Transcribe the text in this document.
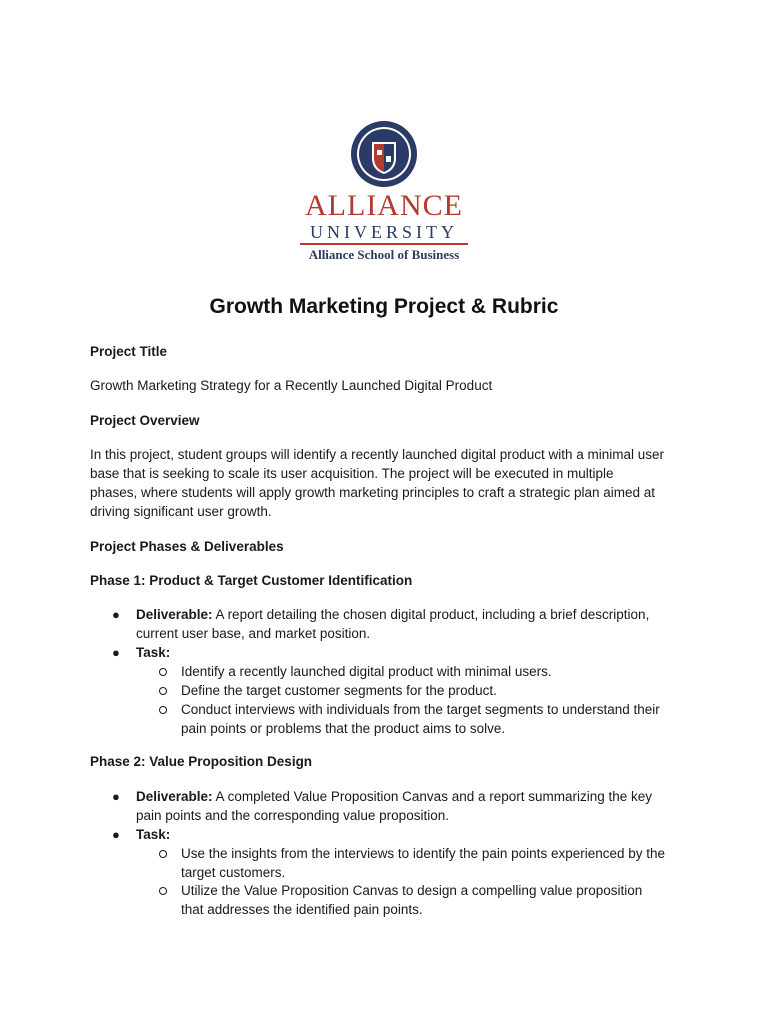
ALLIANCE
UNIVERSITY
Alliance School of Business
Growth Marketing Project & Rubric
Project Title
Growth Marketing Strategy for a Recently Launched Digital Product
Project Overview
In this project, student groups will identify a recently launched digital product with a minimal user
base that is seeking to scale its user acquisition. The project will be executed in multiple
phases, where students will apply growth marketing principles to craft a strategic plan aimed at
driving significant user growth.
Project Phases & Deliverables
Phase 1: Product & Target Customer Identification
● Deliverable: A report detailing the chosen digital product, including a brief description,
current user base, and market position.
● Task:
Identify a recently launched digital product with minimal users.
Define the target customer segments for the product.
Conduct interviews with individuals from the target segments to understand their
pain points or problems that the product aims to solve.
Phase 2: Value Proposition Design
● Deliverable: A completed Value Proposition Canvas and a report summarizing the key
pain points and the corresponding value proposition.
● Task:
Use the insights from the interviews to identify the pain points experienced by the
target customers.
Utilize the Value Proposition Canvas to design a compelling value proposition
that addresses the identified pain points.
